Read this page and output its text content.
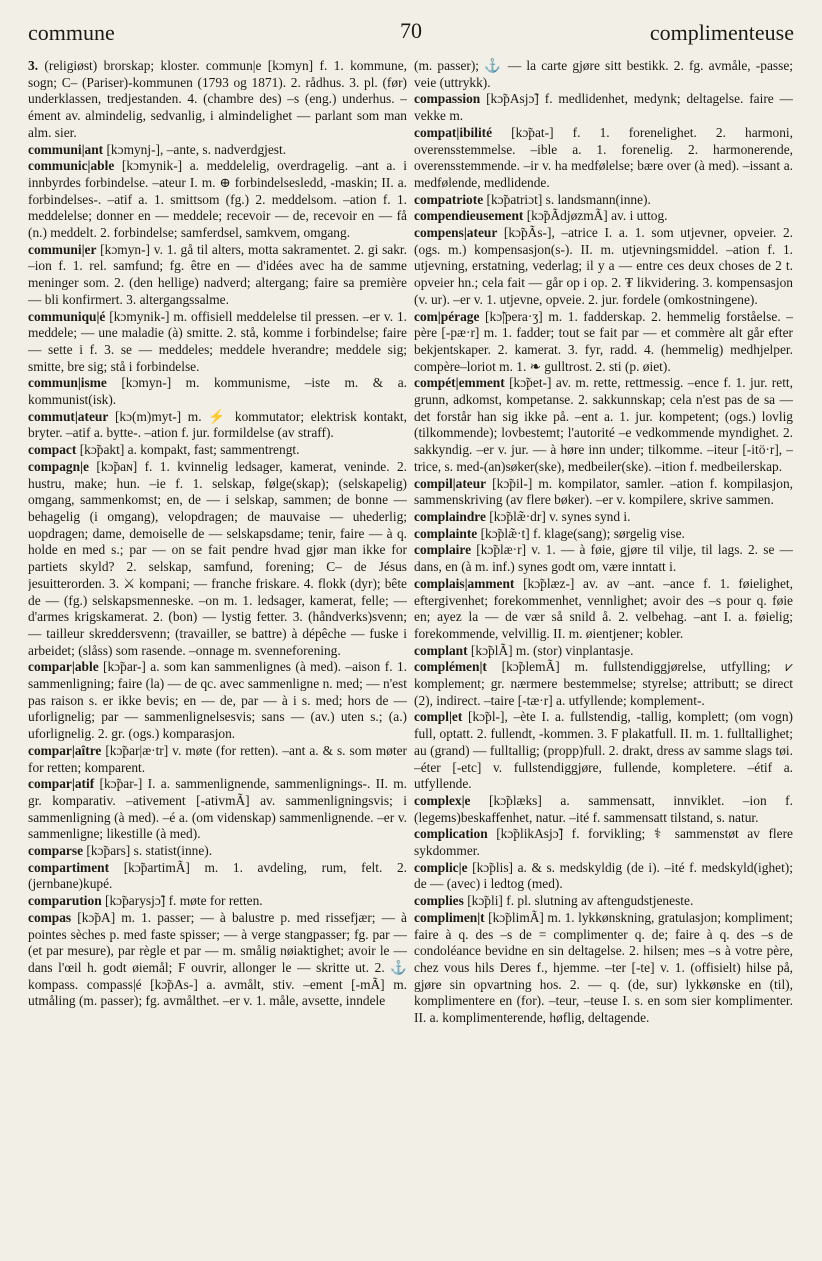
commune	70	complimenteuse

3. (religiøst) brorskap; kloster. commun|e [kɔmyn] f. 1. kommune, sogn; C– (Pariser)-kommunen (1793 og 1871). 2. rådhus. 3. pl. (før) underklassen, tredjestanden. 4. (chambre des) –s (eng.) underhus. –ément av. almindelig, sedvanlig, i almindelighet — parlant som man alm. sier.

communi|ant [kɔmynj-], –ante, s. nadverdgjest.

communic|able [kɔmynik-] a. meddelelig, overdragelig. –ant a. i innbyrdes forbindelse. –ateur I. m. ⊕ forbindelsesledd, -maskin; II. a. forbindelses-. –atif a. 1. smittsom (fg.) 2. meddelsom. –ation f. 1. meddelelse; donner en — meddele; recevoir — de, recevoir en — få (n.) meddelt. 2. forbindelse; samferdsel, samkvem, omgang.

communi|er [kɔmyn-] v. 1. gå til alters, motta sakramentet. 2. gi sakr. –ion f. 1. rel. samfund; fg. être en — d'idées avec ha de samme meninger som. 2. (den hellige) nadverd; altergang; faire sa première — bli konfirmert. 3. altergangssalme.

communiqu|é [kɔmynik-] m. offisiell meddelelse til pressen. –er v. 1. meddele; — une maladie (à) smitte. 2. stå, komme i forbindelse; faire — sette i f. 3. se — meddeles; meddele hverandre; meddele sig; smitte, bre sig; stå i forbindelse.

commun|isme [kɔmyn-] m. kommunisme, –iste m. & a. kommunist(isk).

commut|ateur [kɔ(m)myt-] m. ⚡ kommutator; elektrisk kontakt, bryter. –atif a. bytte-. –ation f. jur. formildelse (av straff).

compact [kɔ̃pakt] a. kompakt, fast; sammentrengt.

compagn|e [kɔ̃paɴ] f. 1. kvinnelig ledsager, kamerat, veninde. 2. hustru, make; hun. –ie f. 1. selskap, følge(skap); (selskapelig) omgang, sammenkomst; en, de — i selskap, sammen; de bonne — behagelig (i omgang), velopdragen; de mauvaise — uhederlig; uopdragen; dame, demoiselle de — selskapsdame; tenir, faire — à q. holde en med s.; par — on se fait pendre hvad gjør man ikke for partiets skyld? 2. selskap, samfund, forening; C– de Jésus jesuitterorden. 3. ⚔ kompani; — franche friskare. 4. flokk (dyr); bête de — (fg.) selskapsmenneske. –on m. 1. ledsager, kamerat, felle; — d'armes krigskamerat. 2. (bon) — lystig fetter. 3. (håndverks)svenn; — tailleur skreddersvenn; (travailler, se battre) à dépêche — fuske i arbeidet; (slåss) som rasende. –onnage m. svenneforening.

compar|able [kɔ̃par-] a. som kan sammenlignes (à med). –aison f. 1. sammenligning; faire (la) — de qc. avec sammenligne n. med; — n'est pas raison s. er ikke bevis; en — de, par — à i s. med; hors de — uforlignelig; par — sammenlignelsesvis; sans — (av.) uten s.; (a.) uforlignelig. 2. gr. (ogs.) komparasjon.

compar|aître [kɔ̃par|æ·tr] v. møte (for retten). –ant a. & s. som møter for retten; komparent.

compar|atif [kɔ̃par-] I. a. sammenlignende, sammenlignings-. II. m. gr. komparativ. –ativement [-ativmÃ] av. sammenligningsvis; i sammenligning (à med). –é a. (om videnskap) sammenlignende. –er v. sammenligne; likestille (à med).

comparse [kɔ̃pars] s. statist(inne).

compartiment [kɔ̃partimÃ] m. 1. avdeling, rum, felt. 2. (jernbane)kupé.

comparution [kɔ̃parysjɔ̃] f. møte for retten.

compas [kɔ̃pA] m. 1. passer; — à balustre p. med rissefjær; — à pointes sèches p. med faste spisser; — à verge stangpasser; fg. par — (et par mesure), par règle et par — m. smålig nøiaktighet; avoir le — dans l'œil h. godt øiemål; F ouvrir, allonger le — skritte ut. 2. ⚓ kompass. compass|é [kɔ̃pAs-] a. avmålt, stiv. –ement [-mÃ] m. utmåling (m. passer); fg. avmålthet. –er v. 1. måle, avsette, inndele

(m. passer); ⚓ — la carte gjøre sitt bestikk. 2. fg. avmåle, -passe; veie (uttrykk).

compassion [kɔ̃pAsjɔ̃] f. medlidenhet, medynk; deltagelse. faire — vekke m.

compat|ibilité [kɔ̃pat-] f. 1. forenelighet. 2. harmoni, overensstemmelse. –ible a. 1. forenelig. 2. harmonerende, overensstemmende. –ir v. ha medfølelse; bære over (à med). –issant a. medfølende, medlidende.

compatriote [kɔ̃patriɔt] s. landsmann(inne).

compendieusement [kɔ̃pÃdjøzmÃ] av. i uttog.

compens|ateur [kɔ̃pÃs-], –atrice I. a. 1. som utjevner, opveier. 2. (ogs. m.) kompensasjon(s-). II. m. utjevningsmiddel. –ation f. 1. utjevning, erstatning, vederlag; il y a — entre ces deux choses de 2 t. opveier hn.; cela fait — går op i op. 2. ₮ likvidering. 3. kompensasjon (v. ur). –er v. 1. utjevne, opveie. 2. jur. fordele (omkostningene).

com|pérage [kɔ̃|pera·ʒ] m. 1. fadderskap. 2. hemmelig forståelse. –père [-pæ·r] m. 1. fadder; tout se fait par — et commère alt går efter bekjentskaper. 2. kamerat. 3. fyr, radd. 4. (hemmelig) medhjelper. compère–loriot m. 1. ❧ gulltrost. 2. sti (p. øiet).

compét|emment [kɔ̃pet-] av. m. rette, rettmessig. –ence f. 1. jur. rett, grunn, adkomst, kompetanse. 2. sakkunnskap; cela n'est pas de sa — det forstår han sig ikke på. –ent a. 1. jur. kompetent; (ogs.) lovlig (tilkommende); lovbestemt; l'autorité –e vedkommende myndighet. 2. sakkyndig. –er v. jur. — à høre inn under; tilkomme. –iteur [-itö·r], –trice, s. med-(an)søker(ske), medbeiler(ske). –ition f. medbeilerskap.

compil|ateur [kɔ̃pil-] m. kompilator, samler. –ation f. kompilasjon, sammenskriving (av flere bøker). –er v. kompilere, skrive sammen.

complaindre [kɔ̃plæ̃·dr] v. synes synd i.

complainte [kɔ̃plæ̃·t] f. klage(sang); sørgelig vise.

complaire [kɔ̃plæ·r] v. 1. — à føie, gjøre til vilje, til lags. 2. se — dans, en (à m. inf.) synes godt om, være inntatt i.

complais|amment [kɔ̃plæz-] av. av –ant. –ance f. 1. føielighet, eftergivenhet; forekommenhet, vennlighet; avoir des –s pour q. føie en; ayez la — de vær så snild å. 2. velbehag. –ant I. a. føielig; forekommende, velvillig. II. m. øientjener; kobler.

complant [kɔ̃plÃ] m. (stor) vinplantasje.

complémen|t [kɔ̃plemÃ] m. fullstendiggjørelse, utfylling; ⩗ komplement; gr. nærmere bestemmelse; styrelse; attributt; se direct (2), indirect. –taire [-tæ·r] a. utfyllende; komplement-.

compl|et [kɔ̃pl-], –ète I. a. fullstendig, -tallig, komplett; (om vogn) full, optatt. 2. fullendt, -kommen. 3. F plakatfull. II. m. 1. fulltallighet; au (grand) — fulltallig; (propp)full. 2. drakt, dress av samme slags tøi. –éter [-etc] v. fullstendiggjøre, fullende, kompletere. –étif a. utfyllende.

complex|e [kɔ̃plæks] a. sammensatt, innviklet. –ion f. (legems)beskaffenhet, natur. –ité f. sammensatt tilstand, s. natur.

complication [kɔ̃plikAsjɔ̃] f. forvikling; ⚕ sammenstøt av flere sykdommer.

complic|e [kɔ̃plis] a. & s. medskyldig (de i). –ité f. medskyld(ighet); de — (avec) i ledtog (med).

complies [kɔ̃pli] f. pl. slutning av aftengudstjeneste.

complimen|t [kɔ̃plimÃ] m. 1. lykkønskning, gratulasjon; kompliment; faire à q. des –s de = complimenter q. de; faire à q. des –s de condoléance bevidne en sin deltagelse. 2. hilsen; mes –s à votre père, chez vous hils Deres f., hjemme. –ter [-te] v. 1. (offisielt) hilse på, gjøre sin opvartning hos. 2. — q. (de, sur) lykkønske en (til), komplimentere en (for). –teur, –teuse I. s. en som sier komplimenter. II. a. komplimenterende, høflig, deltagende.
